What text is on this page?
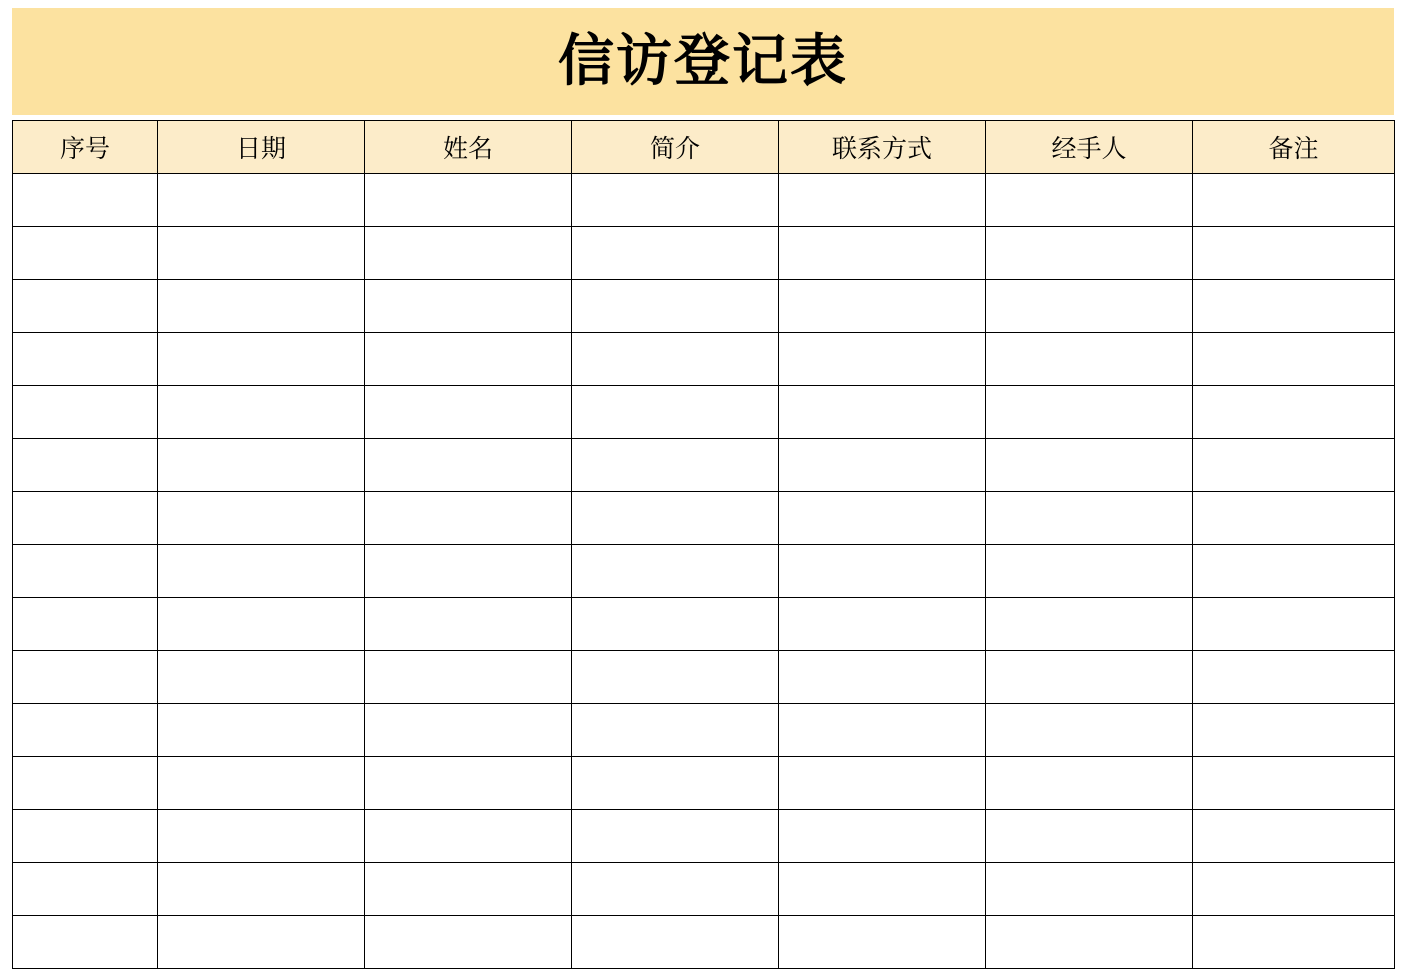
信访登记表
序号	日期	姓名	简介	联系方式	经手人	备注
